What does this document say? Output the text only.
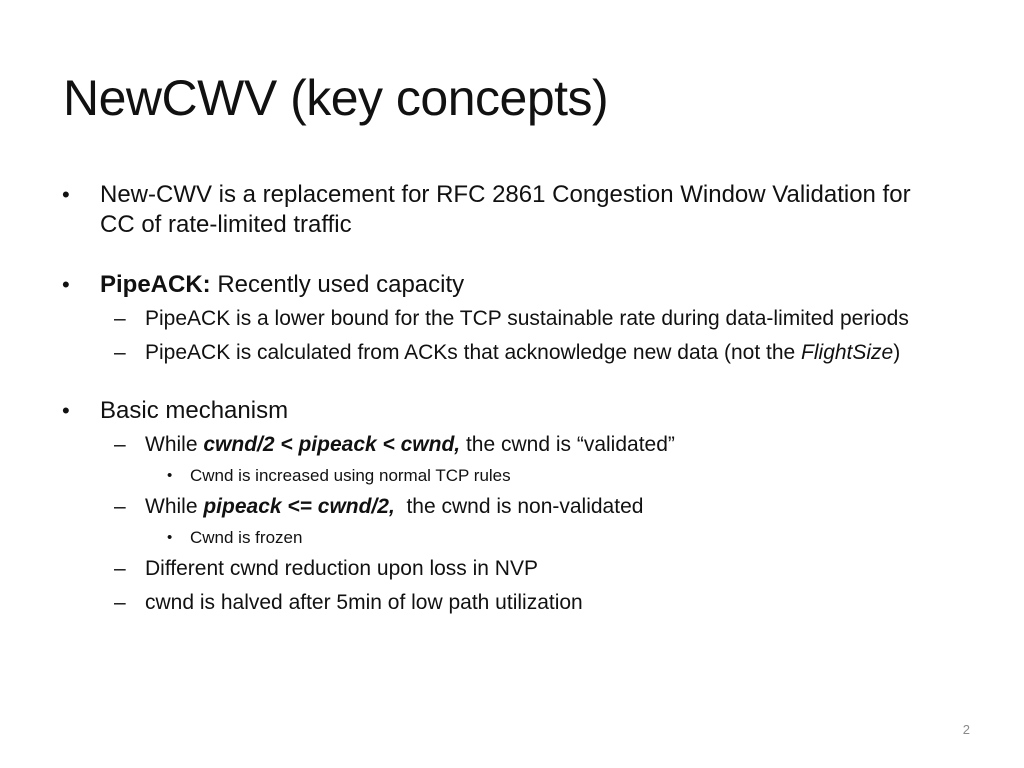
NewCWV (key concepts)
• New-CWV is a replacement for RFC 2861 Congestion Window Validation for CC of rate-limited traffic
• PipeACK: Recently used capacity
– PipeACK is a lower bound for the TCP sustainable rate during data-limited periods
– PipeACK is calculated from ACKs that acknowledge new data (not the FlightSize)
• Basic mechanism
– While cwnd/2 < pipeack < cwnd, the cwnd is “validated”
• Cwnd is increased using normal TCP rules
– While pipeack <= cwnd/2,  the cwnd is non-validated
• Cwnd is frozen
– Different cwnd reduction upon loss in NVP
– cwnd is halved after 5min of low path utilization
2
